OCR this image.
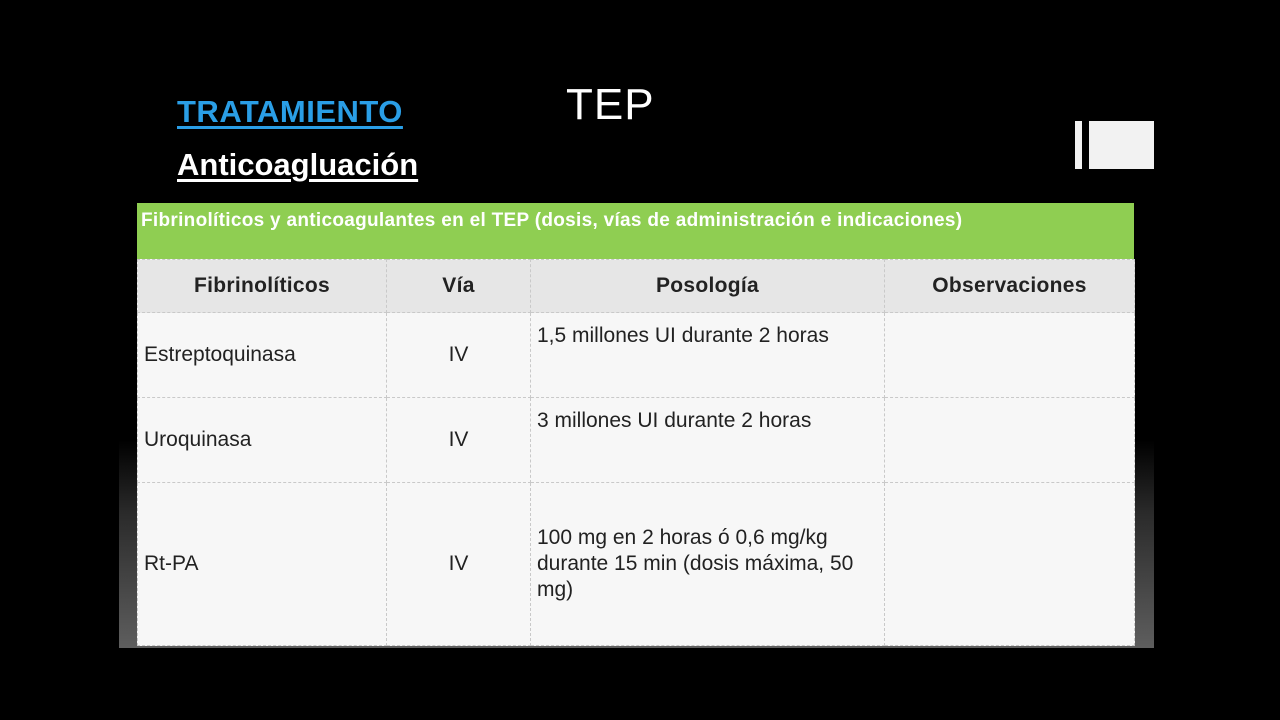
TRATAMIENTO	TEP
Anticoagluación
Fibrinolíticos y anticoagulantes en el TEP (dosis, vías de administración e indicaciones)
Fibrinolíticos	Vía	Posología	Observaciones
Estreptoquinasa	IV	1,5 millones UI durante 2 horas	
Uroquinasa	IV	3 millones UI durante 2 horas	
Rt-PA	IV	100 mg en 2 horas ó 0,6 mg/kg durante 15 min (dosis máxima, 50 mg)	
